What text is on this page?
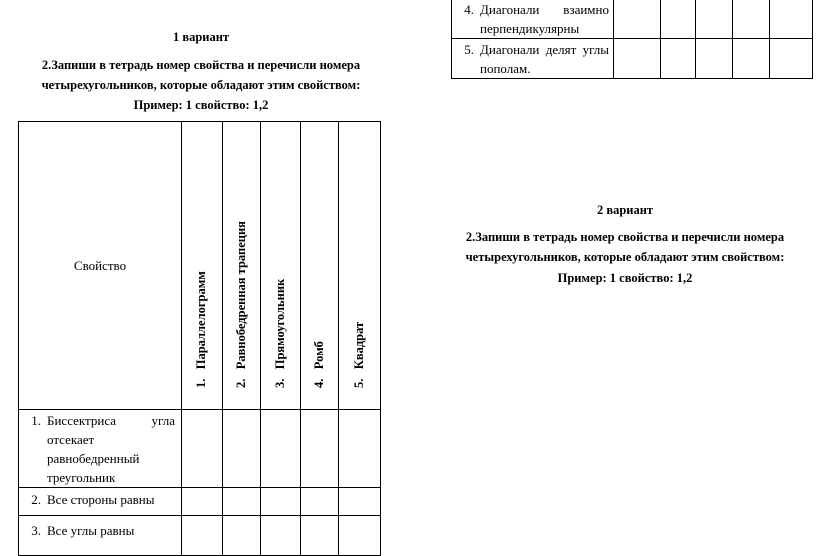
1 вариант
2.Запиши в тетрадь номер свойства и перечисли номера
четырехугольников, которые обладают этим свойством:
Пример: 1 свойство: 1,2
Свойство	1.   Параллелограмм	2.   Равнобедренная трапеция	3.   Прямоугольник	4.   Ромб	5.   Квадрат

1. Биссектриса угла
отсекает
равнобедренный
треугольник					

2. Все стороны равны					

3. Все углы равны					

4. Диагонали взаимно
перпендикулярны					

5. Диагонали делят углы
пополам.					

2 вариант
2.Запиши в тетрадь номер свойства и перечисли номера
четырехугольников, которые обладают этим свойством:
Пример: 1 свойство: 1,2
